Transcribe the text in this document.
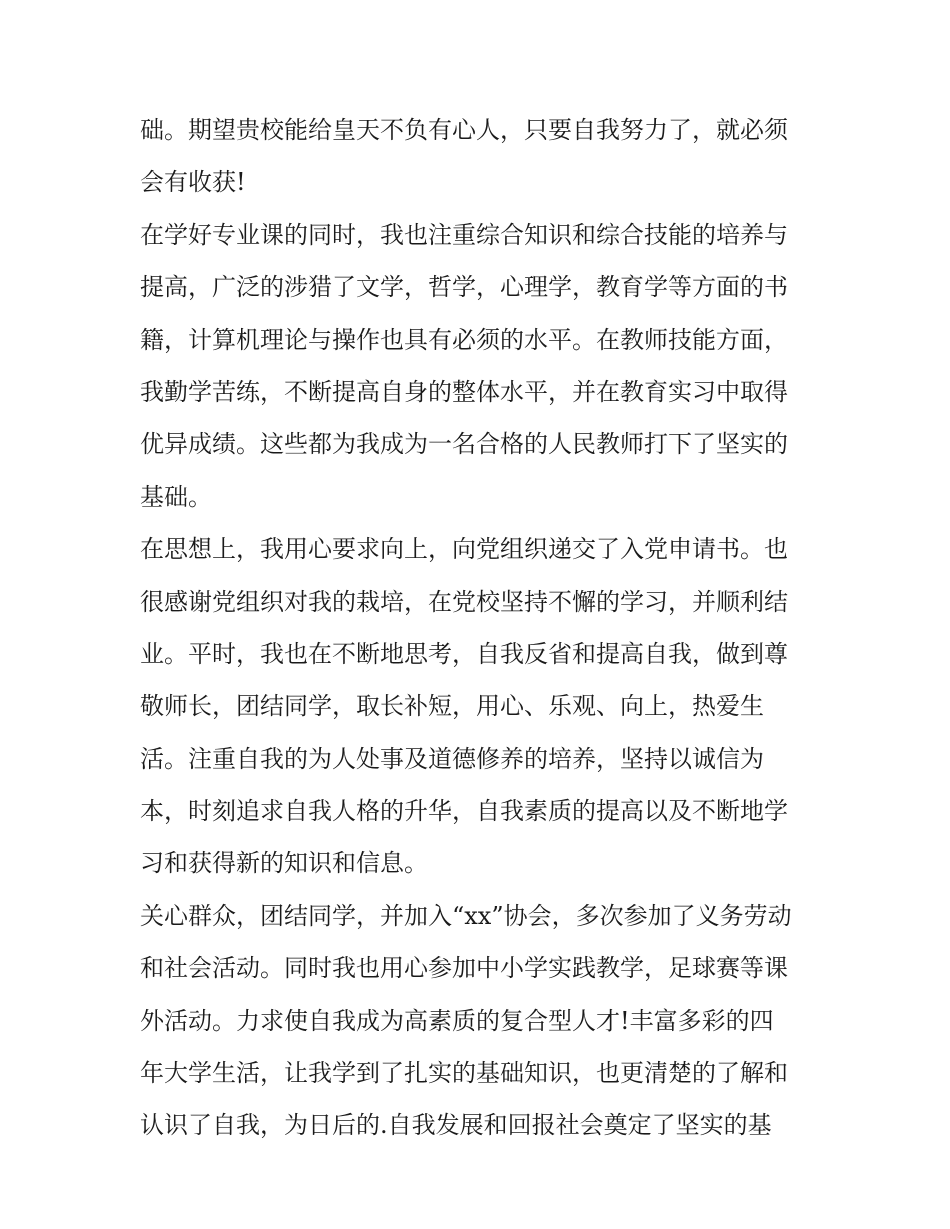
础。期望贵校能给皇天不负有心人，只要自我努力了，就必须
会有收获!
在学好专业课的同时，我也注重综合知识和综合技能的培养与
提高，广泛的涉猎了文学，哲学，心理学，教育学等方面的书
籍，计算机理论与操作也具有必须的水平。在教师技能方面，
我勤学苦练，不断提高自身的整体水平，并在教育实习中取得
优异成绩。这些都为我成为一名合格的人民教师打下了坚实的
基础。
在思想上，我用心要求向上，向党组织递交了入党申请书。也
很感谢党组织对我的栽培，在党校坚持不懈的学习，并顺利结
业。平时，我也在不断地思考，自我反省和提高自我，做到尊
敬师长，团结同学，取长补短，用心、乐观、向上，热爱生
活。注重自我的为人处事及道德修养的培养，坚持以诚信为
本，时刻追求自我人格的升华，自我素质的提高以及不断地学
习和获得新的知识和信息。
关心群众，团结同学，并加入“xx”协会，多次参加了义务劳动
和社会活动。同时我也用心参加中小学实践教学，足球赛等课
外活动。力求使自我成为高素质的复合型人才!丰富多彩的四
年大学生活，让我学到了扎实的基础知识，也更清楚的了解和
认识了自我，为日后的.自我发展和回报社会奠定了坚实的基
